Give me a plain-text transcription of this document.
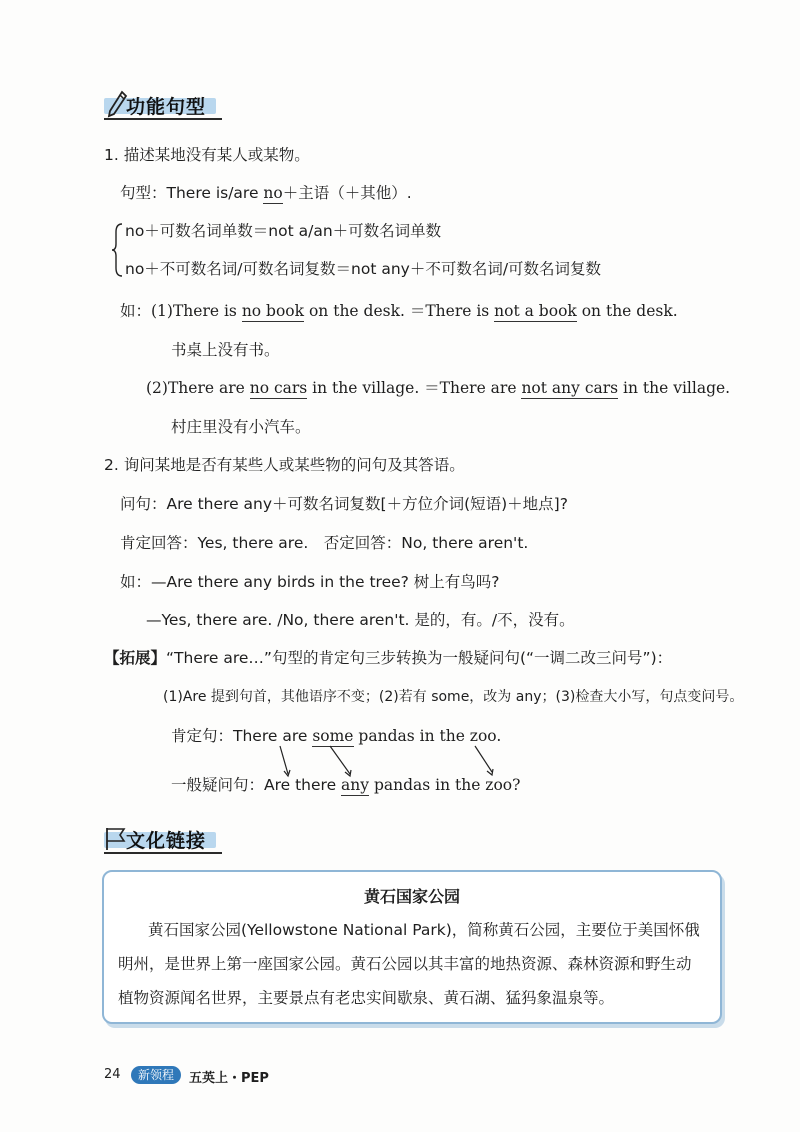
功能句型
1. 描述某地没有某人或某物。
句型：There is/are no＋主语（＋其他）.
no＋可数名词单数＝not a/an＋可数名词单数
no＋不可数名词/可数名词复数＝not any＋不可数名词/可数名词复数
如：(1)There is no book on the desk. ＝There is not a book on the desk.
书桌上没有书。
(2)There are no cars in the village. ＝There are not any cars in the village.
村庄里没有小汽车。
2. 询问某地是否有某些人或某些物的问句及其答语。
问句：Are there any＋可数名词复数[＋方位介词(短语)＋地点]?
肯定回答：Yes, there are.　否定回答：No, there aren't.
如：—Are there any birds in the tree? 树上有鸟吗?
—Yes, there are. /No, there aren't. 是的，有。/不，没有。
【拓展】“There are…”句型的肯定句三步转换为一般疑问句(“一调二改三问号”)：
(1)Are 提到句首，其他语序不变；(2)若有 some，改为 any；(3)检查大小写，句点变问号。
肯定句：There are some pandas in the zoo.
一般疑问句：Are there any pandas in the zoo?
文化链接
黄石国家公园
黄石国家公园(Yellowstone National Park)，简称黄石公园，主要位于美国怀俄
明州，是世界上第一座国家公园。黄石公园以其丰富的地热资源、森林资源和野生动
植物资源闻名世界，主要景点有老忠实间歇泉、黄石湖、猛犸象温泉等。
24	新领程	五英上・PEP
